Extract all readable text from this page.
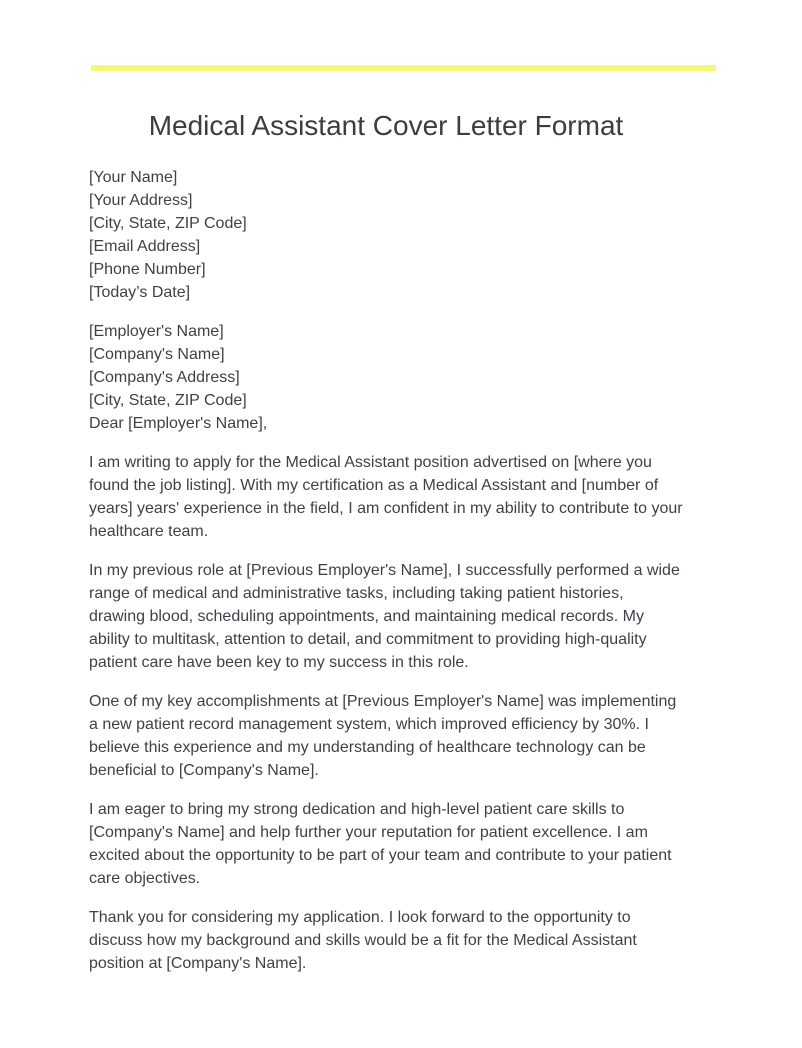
Medical Assistant Cover Letter Format
[Your Name]
[Your Address]
[City, State, ZIP Code]
[Email Address]
[Phone Number]
[Today’s Date]
[Employer's Name]
[Company's Name]
[Company's Address]
[City, State, ZIP Code]
Dear [Employer's Name],
I am writing to apply for the Medical Assistant position advertised on [where you
found the job listing]. With my certification as a Medical Assistant and [number of
years] years' experience in the field, I am confident in my ability to contribute to your
healthcare team.
In my previous role at [Previous Employer's Name], I successfully performed a wide
range of medical and administrative tasks, including taking patient histories,
drawing blood, scheduling appointments, and maintaining medical records. My
ability to multitask, attention to detail, and commitment to providing high-quality
patient care have been key to my success in this role.
One of my key accomplishments at [Previous Employer's Name] was implementing
a new patient record management system, which improved efficiency by 30%. I
believe this experience and my understanding of healthcare technology can be
beneficial to [Company's Name].
I am eager to bring my strong dedication and high-level patient care skills to
[Company's Name] and help further your reputation for patient excellence. I am
excited about the opportunity to be part of your team and contribute to your patient
care objectives.
Thank you for considering my application. I look forward to the opportunity to
discuss how my background and skills would be a fit for the Medical Assistant
position at [Company's Name].
